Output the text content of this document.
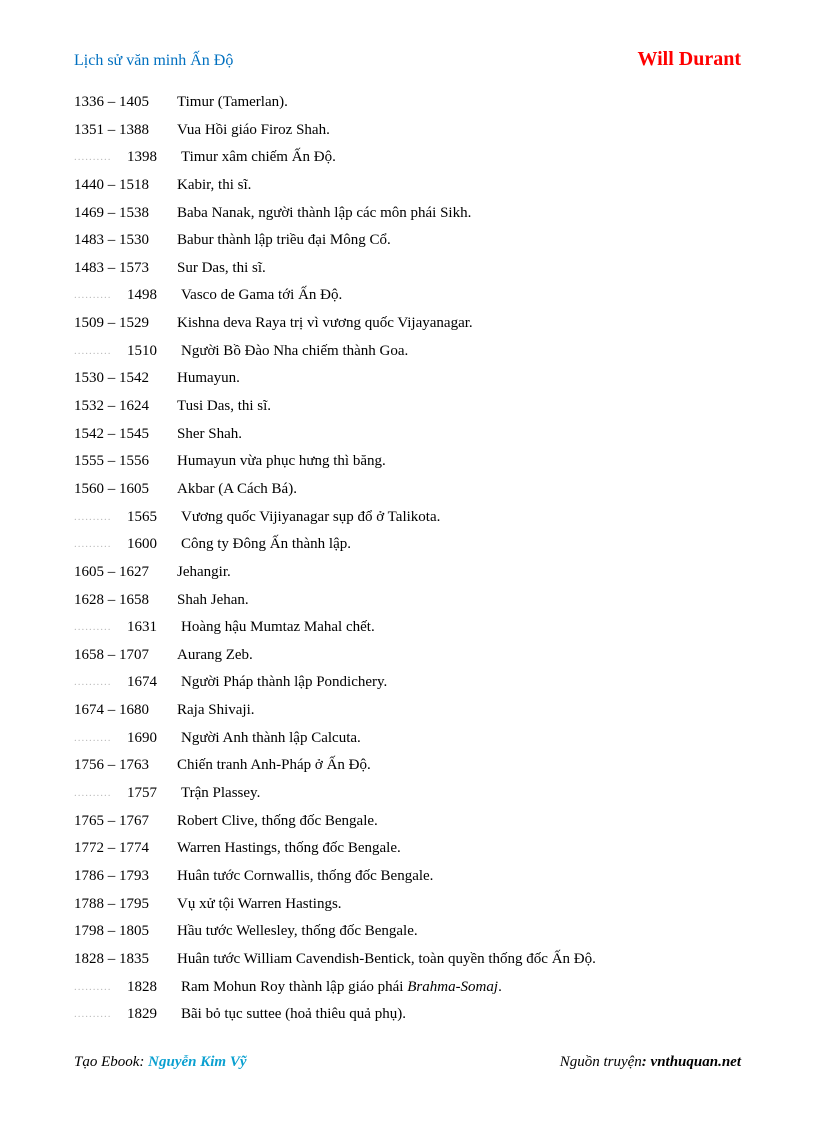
Lịch sử văn minh Ấn Độ	Will Durant
1336 – 1405	Timur (Tamerlan).
1351 – 1388	Vua Hồi giáo Firoz Shah.
..........	1398 Timur xâm chiếm Ấn Độ.
1440 – 1518	Kabir, thi sĩ.
1469 – 1538	Baba Nanak, người thành lập các môn phái Sikh.
1483 – 1530	Babur thành lập triều đại Mông Cổ.
1483 – 1573	Sur Das, thi sĩ.
..........	1498 Vasco de Gama tới Ấn Độ.
1509 – 1529	Kishna deva Raya trị vì vương quốc Vijayanagar.
..........	1510 Người Bồ Đào Nha chiếm thành Goa.
1530 – 1542	Humayun.
1532 – 1624	Tusi Das, thi sĩ.
1542 – 1545	Sher Shah.
1555 – 1556	Humayun vừa phục hưng thì băng.
1560 – 1605	Akbar (A Cách Bá).
..........	1565 Vương quốc Vijiyanagar sụp đổ ở Talikota.
..........	1600 Công ty Đông Ấn thành lập.
1605 – 1627	Jehangir.
1628 – 1658	Shah Jehan.
..........	1631 Hoàng hậu Mumtaz Mahal chết.
1658 – 1707	Aurang Zeb.
..........	1674 Người Pháp thành lập Pondichery.
1674 – 1680	Raja Shivaji.
..........	1690 Người Anh thành lập Calcuta.
1756 – 1763	Chiến tranh Anh-Pháp ở Ấn Độ.
..........	1757 Trận Plassey.
1765 – 1767	Robert Clive, thống đốc Bengale.
1772 – 1774	Warren Hastings, thống đốc Bengale.
1786 – 1793	Huân tước Cornwallis, thống đốc Bengale.
1788 – 1795	Vụ xử tội Warren Hastings.
1798 – 1805	Hầu tước Wellesley, thống đốc Bengale.
1828 – 1835	Huân tước William Cavendish-Bentick, toàn quyền thống đốc Ấn Độ.
..........	1828 Ram Mohun Roy thành lập giáo phái Brahma-Somaj.
..........	1829 Bãi bỏ tục suttee (hoả thiêu quả phụ).
Tạo Ebook: Nguyễn Kim Vỹ	Nguồn truyện: vnthuquan.net
